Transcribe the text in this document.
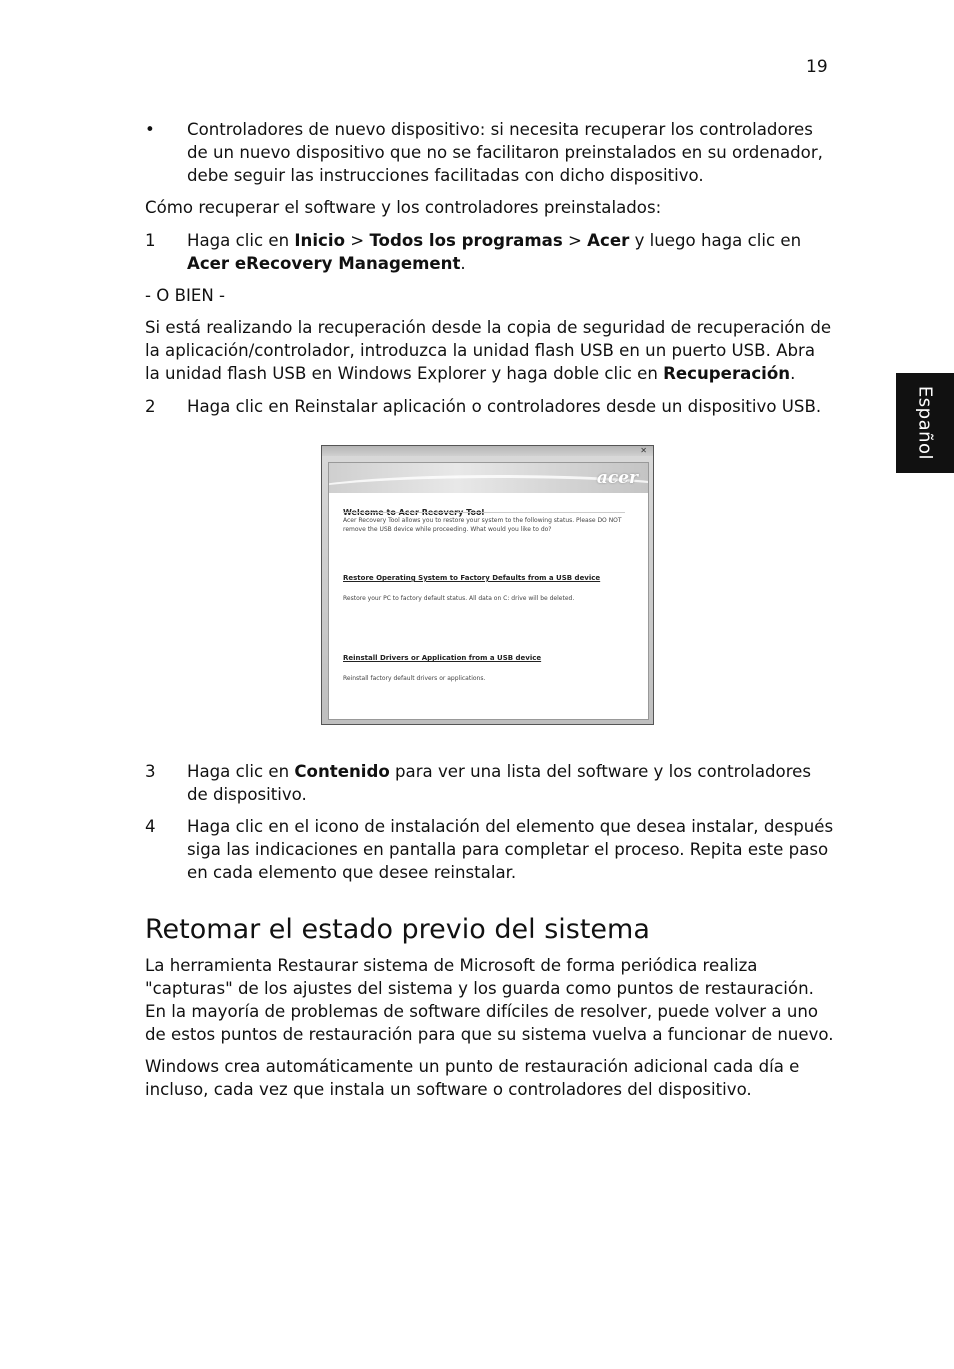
19
Español
• Controladores de nuevo dispositivo: si necesita recuperar los controladores de un nuevo dispositivo que no se facilitaron preinstalados en su ordenador, debe seguir las instrucciones facilitadas con dicho dispositivo.

Cómo recuperar el software y los controladores preinstalados:

1 Haga clic en Inicio > Todos los programas > Acer y luego haga clic en Acer eRecovery Management.

- O BIEN -

Si está realizando la recuperación desde la copia de seguridad de recuperación de la aplicación/controlador, introduzca la unidad flash USB en un puerto USB. Abra la unidad flash USB en Windows Explorer y haga doble clic en Recuperación.

2 Haga clic en Reinstalar aplicación o controladores desde un dispositivo USB.
✕
acer
Acer Recovery Tool allows you to restore your system to the following status. Please DO NOT remove the USB device while proceeding. What would you like to do?
Restore Operating System to Factory Defaults from a USB device
Restore your PC to factory default status. All data on C: drive will be deleted.
Reinstall Drivers or Application from a USB device
Reinstall factory default drivers or applications.
3 Haga clic en Contenido para ver una lista del software y los controladores de dispositivo.
4 Haga clic en el icono de instalación del elemento que desea instalar, después siga las indicaciones en pantalla para completar el proceso. Repita este paso en cada elemento que desee reinstalar.
Retomar el estado previo del sistema

La herramienta Restaurar sistema de Microsoft de forma periódica realiza "capturas" de los ajustes del sistema y los guarda como puntos de restauración. En la mayoría de problemas de software difíciles de resolver, puede volver a uno de estos puntos de restauración para que su sistema vuelva a funcionar de nuevo.

Windows crea automáticamente un punto de restauración adicional cada día e incluso, cada vez que instala un software o controladores del dispositivo.
